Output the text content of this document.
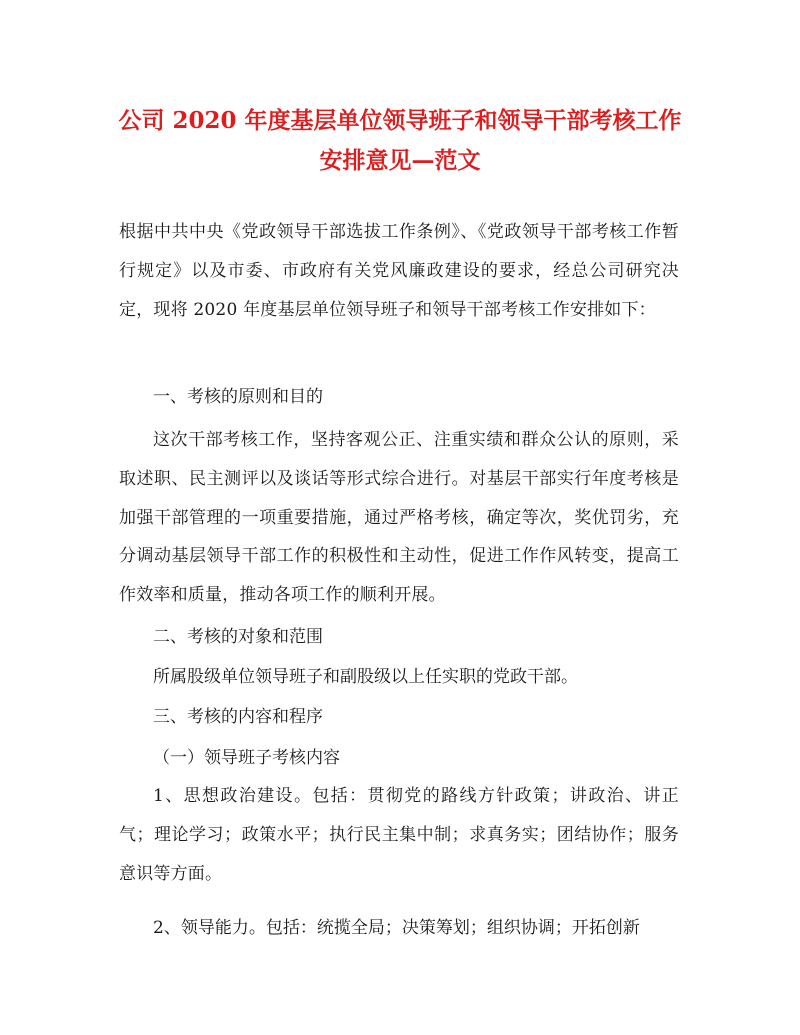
公司 2020 年度基层单位领导班子和领导干部考核工作
安排意见—范文
根据中共中央《党政领导干部选拔工作条例》、《党政领导干部考核工作暂行规定》以及市委、市政府有关党风廉政建设的要求，经总公司研究决定，现将 2020 年度基层单位领导班子和领导干部考核工作安排如下：
一、考核的原则和目的
这次干部考核工作，坚持客观公正、注重实绩和群众公认的原则，采取述职、民主测评以及谈话等形式综合进行。对基层干部实行年度考核是加强干部管理的一项重要措施，通过严格考核，确定等次，奖优罚劣，充分调动基层领导干部工作的积极性和主动性，促进工作作风转变，提高工作效率和质量，推动各项工作的顺利开展。
二、考核的对象和范围
所属股级单位领导班子和副股级以上任实职的党政干部。
三、考核的内容和程序
（一）领导班子考核内容
1、思想政治建设。包括：贯彻党的路线方针政策；讲政治、讲正气；理论学习；政策水平；执行民主集中制；求真务实；团结协作；服务意识等方面。
2、领导能力。包括：统揽全局；决策筹划；组织协调；开拓创新
